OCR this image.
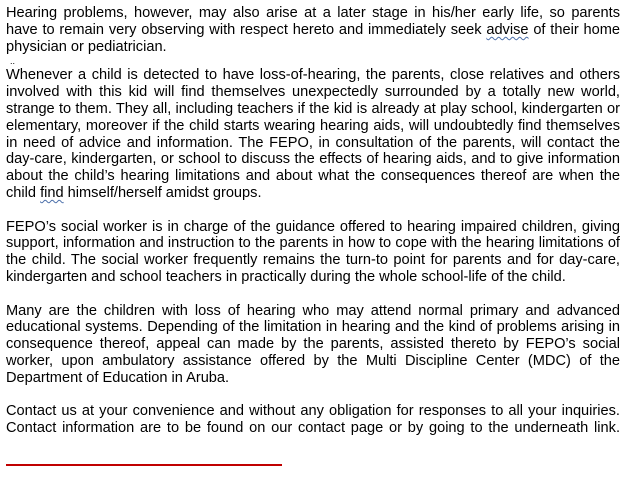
Hearing problems, however, may also arise at a later stage in his/her early life, so parents have to remain very observing with respect hereto and immediately seek advise of their home physician or pediatrician.

..

Whenever a child is detected to have loss-of-hearing, the parents, close relatives and others involved with this kid will find themselves unexpectedly surrounded by a totally new world, strange to them. They all, including teachers if the kid is already at play school, kindergarten or elementary, moreover if the child starts wearing hearing aids, will undoubtedly find themselves in need of advice and information. The FEPO, in consultation of the parents, will contact the day-care, kindergarten, or school to discuss the effects of hearing aids, and to give information about the child’s hearing limitations and about what the consequences thereof are when the child find himself/herself amidst groups.

FEPO’s social worker is in charge of the guidance offered to hearing impaired children, giving support, information and instruction to the parents in how to cope with the hearing limitations of the child. The social worker frequently remains the turn-to point for parents and for day-care, kindergarten and school teachers in practically during the whole school-life of the child.

Many are the children with loss of hearing who may attend normal primary and advanced educational systems. Depending of the limitation in hearing and the kind of problems arising in consequence thereof, appeal can made by the parents, assisted thereto by FEPO’s social worker, upon ambulatory assistance offered by the Multi Discipline Center (MDC) of the Department of Education in Aruba.

Contact us at your convenience and without any obligation for responses to all your inquiries. Contact information are to be found on our contact page or by going to the underneath link.
